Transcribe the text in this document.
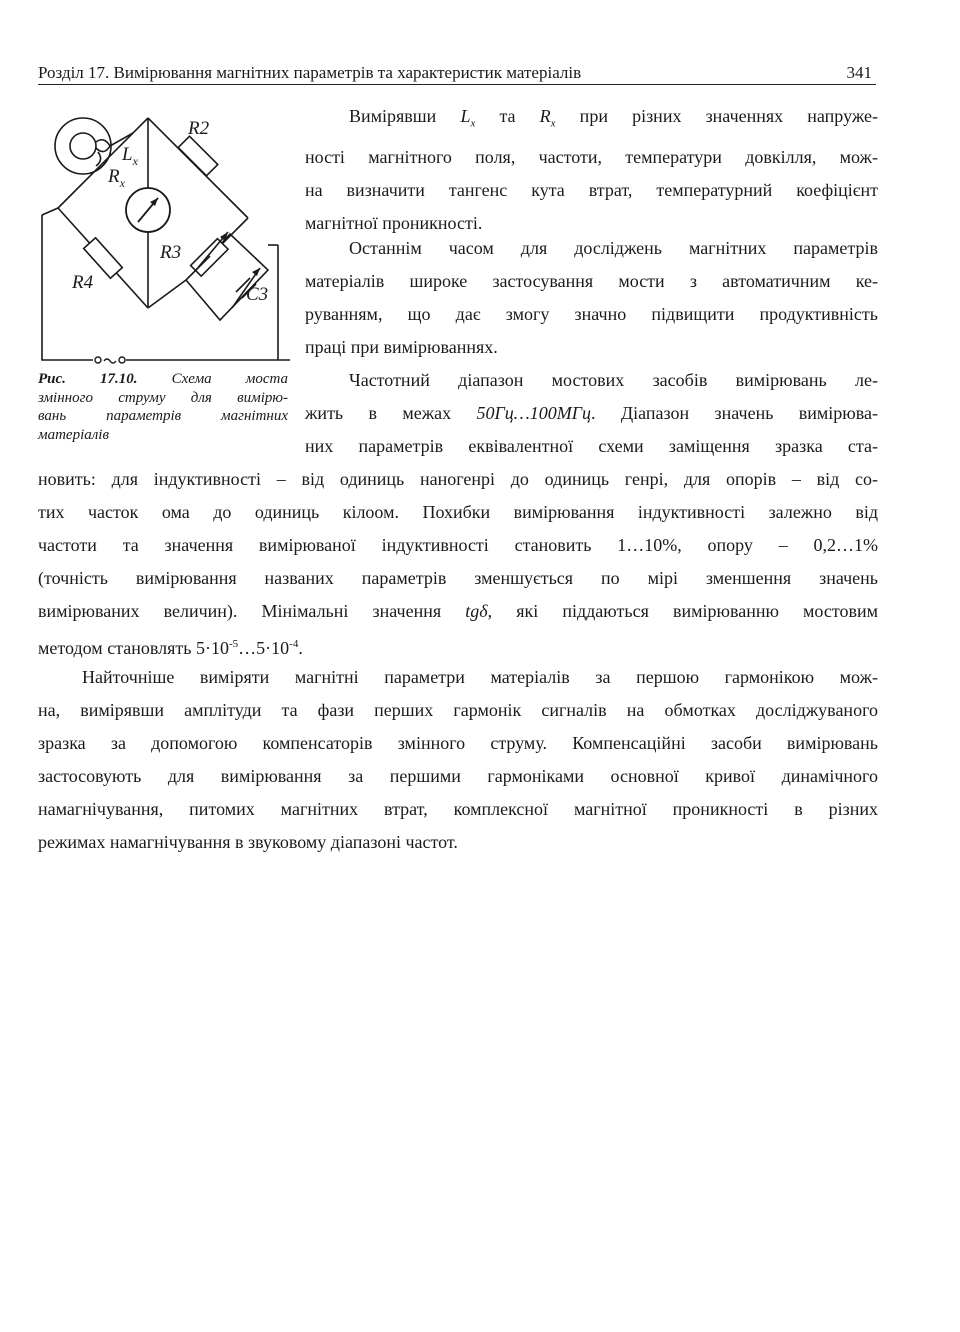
Розділ 17. Вимірювання магнітних параметрів та характеристик матеріалів	341
R2
$L_x$
$R_x$
R3
R4
C3
Рис. 17.10. Схема моста
змінного струму для вимірю-
вань параметрів магнітних
матеріалів
Вимірявши $L_x$ та $R_x$ при різних значеннях напруже-
ності магнітного поля, частоти, температури довкілля, мож-
на визначити тангенс кута втрат, температурний коефіцієнт
магнітної проникності.
Останнім часом для досліджень магнітних параметрів
матеріалів широке застосування мости з автоматичним ке-
руванням, що дає змогу значно підвищити продуктивність
праці при вимірюваннях.
Частотний діапазон мостових засобів вимірювань ле-
жить в межах 50Гц…100МГц. Діапазон значень вимірюва-
них параметрів еквівалентної схеми заміщення зразка ста-
новить: для індуктивності – від одиниць наногенрі до одиниць генрі, для опорів – від со-
тих часток ома до одиниць кілоом. Похибки вимірювання індуктивності залежно від
частоти та значення вимірюваної індуктивності становить 1…10%, опору – 0,2…1%
(точність вимірювання названих параметрів зменшується по мірі зменшення значень
вимірюваних величин). Мінімальні значення tgδ, які піддаються вимірюванню мостовим
методом становлять $5\cdot 10^{-5}\dots 5\cdot 10^{-4}$.
Найточніше виміряти магнітні параметри матеріалів за першою гармонікою мож-
на, вимірявши амплітуди та фази перших гармонік сигналів на обмотках досліджуваного
зразка за допомогою компенсаторів змінного струму. Компенсаційні засоби вимірювань
застосовують для вимірювання за першими гармоніками основної кривої динамічного
намагнічування, питомих магнітних втрат, комплексної магнітної проникності в різних
режимах намагнічування в звуковому діапазоні частот.
